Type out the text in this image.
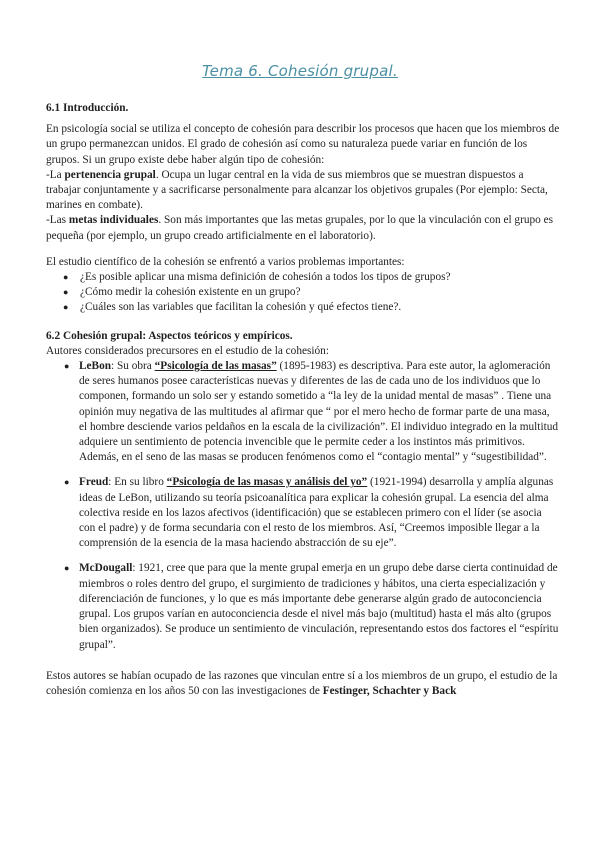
Tema 6. Cohesión grupal.

6.1 Introducción.

En psicología social se utiliza el concepto de cohesión para describir los procesos que hacen que los miembros de un grupo permanezcan unidos. El grado de cohesión así como su naturaleza puede variar en función de los grupos. Si un grupo existe debe haber algún tipo de cohesión:

-La pertenencia grupal. Ocupa un lugar central en la vida de sus miembros que se muestran dispuestos a trabajar conjuntamente y a sacrificarse personalmente para alcanzar los objetivos grupales (Por ejemplo: Secta, marines en combate).

-Las metas individuales. Son más importantes que las metas grupales, por lo que la vinculación con el grupo es pequeña (por ejemplo, un grupo creado artificialmente en el laboratorio).

El estudio científico de la cohesión se enfrentó a varios problemas importantes:

● ¿Es posible aplicar una misma definición de cohesión a todos los tipos de grupos?
● ¿Cómo medir la cohesión existente en un grupo?
● ¿Cuáles son las variables que facilitan la cohesión y qué efectos tiene?.

6.2 Cohesión grupal: Aspectos teóricos y empíricos.

Autores considerados precursores en el estudio de la cohesión:

● LeBon: Su obra “Psicología de las masas” (1895-1983) es descriptiva. Para este autor, la aglomeración de seres humanos posee características nuevas y diferentes de las de cada uno de los individuos que lo componen, formando un solo ser y estando sometido a “la ley de la unidad mental de masas” . Tiene una opinión muy negativa de las multitudes al afirmar que “ por el mero hecho de formar parte de una masa, el hombre desciende varios peldaños en la escala de la civilización”. El individuo integrado en la multitud adquiere un sentimiento de potencia invencible que le permite ceder a los instintos más primitivos. Además, en el seno de las masas se producen fenómenos como el “contagio mental” y “sugestibilidad”.
● Freud: En su libro “Psicología de las masas y análisis del yo” (1921-1994) desarrolla y amplía algunas ideas de LeBon, utilizando su teoría psicoanalítica para explicar la cohesión grupal. La esencia del alma colectiva reside en los lazos afectivos (identificación) que se establecen primero con el líder (se asocia con el padre) y de forma secundaria con el resto de los miembros. Así, “Creemos imposible llegar a la comprensión de la esencia de la masa haciendo abstracción de su eje”.
● McDougall: 1921, cree que para que la mente grupal emerja en un grupo debe darse cierta continuidad de miembros o roles dentro del grupo, el surgimiento de tradiciones y hábitos, una cierta especialización y diferenciación de funciones, y lo que es más importante debe generarse algún grado de autoconciencia grupal. Los grupos varían en autoconciencia desde el nivel más bajo (multitud) hasta el más alto (grupos bien organizados). Se produce un sentimiento de vinculación, representando estos dos factores el “espíritu grupal”.

Estos autores se habían ocupado de las razones que vinculan entre sí a los miembros de un grupo, el estudio de la cohesión comienza en los años 50 con las investigaciones de Festinger, Schachter y Back
